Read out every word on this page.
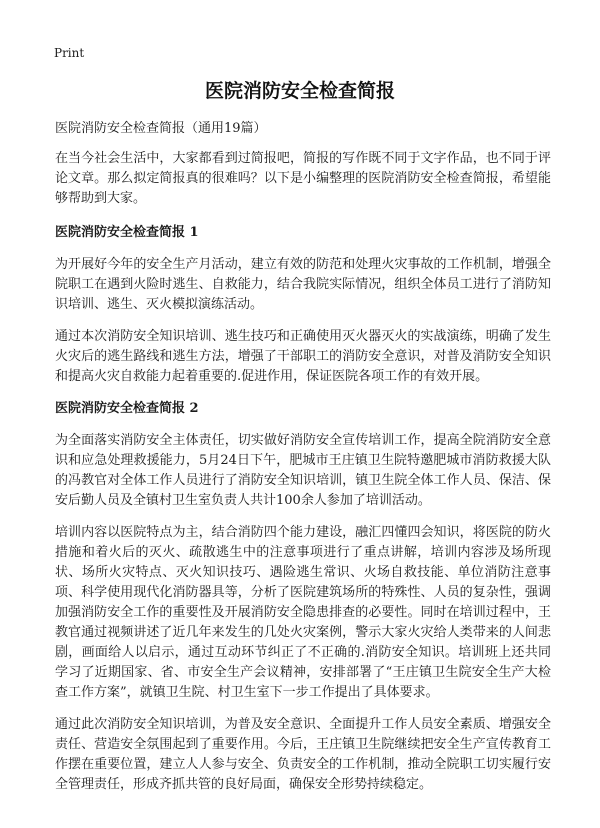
Print
医院消防安全检查简报

医院消防安全检查简报（通用19篇）

在当今社会生活中，大家都看到过简报吧，简报的写作既不同于文字作品，也不同于评论文章。那么拟定简报真的很难吗？以下是小编整理的医院消防安全检查简报，希望能够帮助到大家。

医院消防安全检查简报 1

为开展好今年的安全生产月活动，建立有效的防范和处理火灾事故的工作机制，增强全院职工在遇到火险时逃生、自救能力，结合我院实际情况，组织全体员工进行了消防知识培训、逃生、灭火模拟演练活动。

通过本次消防安全知识培训、逃生技巧和正确使用灭火器灭火的实战演练，明确了发生火灾后的逃生路线和逃生方法，增强了干部职工的消防安全意识，对普及消防安全知识和提高火灾自救能力起着重要的.促进作用，保证医院各项工作的有效开展。

医院消防安全检查简报 2

为全面落实消防安全主体责任，切实做好消防安全宣传培训工作，提高全院消防安全意识和应急处理救援能力，5月24日下午，肥城市王庄镇卫生院特邀肥城市消防救援大队的冯教官对全体工作人员进行了消防安全知识培训，镇卫生院全体工作人员、保洁、保安后勤人员及全镇村卫生室负责人共计100余人参加了培训活动。

培训内容以医院特点为主，结合消防四个能力建设，融汇四懂四会知识，将医院的防火措施和着火后的灭火、疏散逃生中的注意事项进行了重点讲解，培训内容涉及场所现状、场所火灾特点、灭火知识技巧、遇险逃生常识、火场自救技能、单位消防注意事项、科学使用现代化消防器具等，分析了医院建筑场所的特殊性、人员的复杂性，强调加强消防安全工作的重要性及开展消防安全隐患排查的必要性。同时在培训过程中，王教官通过视频讲述了近几年来发生的几处火灾案例，警示大家火灾给人类带来的人间悲剧，画面给人以启示，通过互动环节纠正了不正确的.消防安全知识。培训班上还共同学习了近期国家、省、市安全生产会议精神，安排部署了“王庄镇卫生院安全生产大检查工作方案”，就镇卫生院、村卫生室下一步工作提出了具体要求。

通过此次消防安全知识培训，为普及安全意识、全面提升工作人员安全素质、增强安全责任、营造安全氛围起到了重要作用。今后，王庄镇卫生院继续把安全生产宣传教育工作摆在重要位置，建立人人参与安全、负责安全的工作机制，推动全院职工切实履行安全管理责任，形成齐抓共管的良好局面，确保安全形势持续稳定。
